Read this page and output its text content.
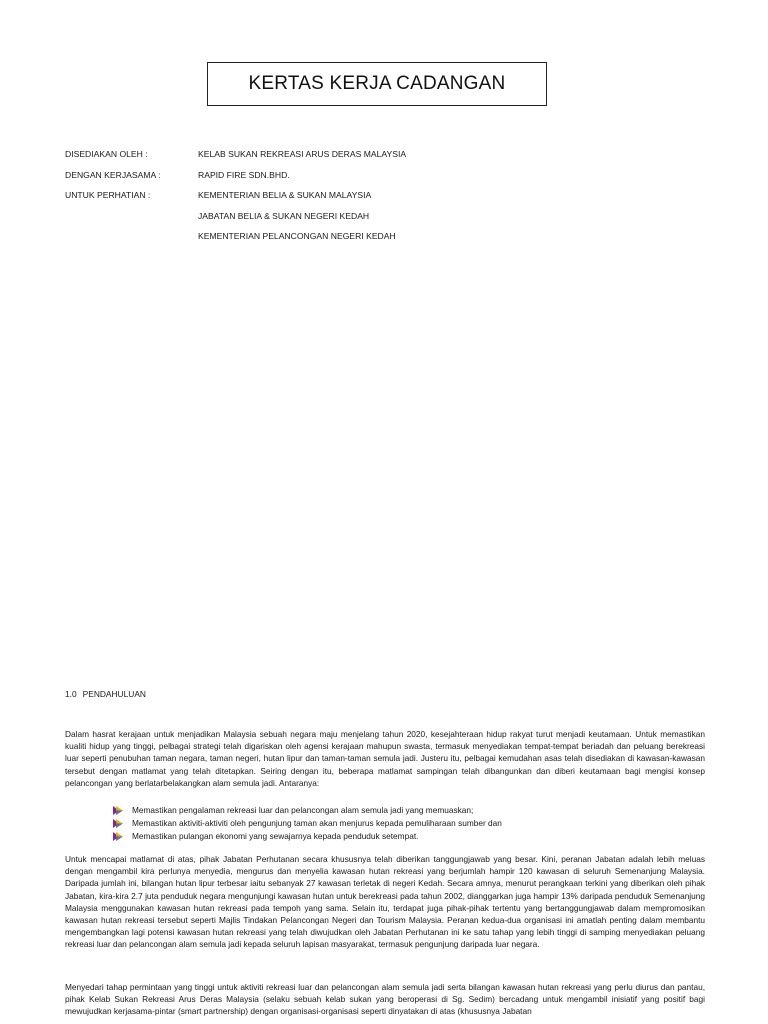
KERTAS KERJA CADANGAN
DISEDIAKAN OLEH :	KELAB SUKAN REKREASI ARUS DERAS MALAYSIA
DENGAN KERJASAMA :	RAPID FIRE SDN.BHD.
UNTUK PERHATIAN :	KEMENTERIAN BELIA & SUKAN MALAYSIA
JABATAN BELIA & SUKAN NEGERI KEDAH
KEMENTERIAN PELANCONGAN NEGERI KEDAH
1.0 PENDAHULUAN
Dalam hasrat kerajaan untuk menjadikan Malaysia sebuah negara maju menjelang tahun 2020, kesejahteraan hidup rakyat turut menjadi keutamaan. Untuk memastikan kualiti hidup yang tinggi, pelbagai strategi telah digariskan oleh agensi kerajaan mahupun swasta, termasuk menyediakan tempat-tempat beriadah dan peluang berekreasi luar seperti penubuhan taman negara, taman negeri, hutan lipur dan taman-taman semula jadi. Justeru itu, pelbagai kemudahan asas telah disediakan di kawasan-kawasan tersebut dengan matlamat yang telah ditetapkan. Seiring dengan itu, beberapa matlamat sampingan telah dibangunkan dan diberi keutamaan bagi mengisi konsep pelancongan yang berlatarbelakangkan alam semula jadi. Antaranya:
Memastikan pengalaman rekreasi luar dan pelancongan alam semula jadi yang memuaskan;
Memastikan aktiviti-aktiviti oleh pengunjung taman akan menjurus kepada pemuliharaan sumber dan
Memastikan pulangan ekonomi yang sewajarnya kepada penduduk setempat.
Untuk mencapai matlamat di atas, pihak Jabatan Perhutanan secara khususnya telah diberikan tanggungjawab yang besar. Kini, peranan Jabatan adalah lebih meluas dengan mengambil kira perlunya menyedia, mengurus dan menyelia kawasan hutan rekreasi yang berjumlah hampir 120 kawasan di seluruh Semenanjung Malaysia. Daripada jumlah ini, bilangan hutan lipur terbesar iaitu sebanyak 27 kawasan terletak di negeri Kedah. Secara amnya, menurut perangkaan terkini yang diberikan oleh pihak Jabatan, kira-kira 2.7 juta penduduk negara mengunjungi kawasan hutan untuk berekreasi pada tahun 2002, dianggarkan juga hampir 13% daripada penduduk Semenanjung Malaysia menggunakan kawasan hutan rekreasi pada tempoh yang sama. Selain itu, terdapat juga pihak-pihak tertentu yang bertanggungjawab dalam mempromosikan kawasan hutan rekreasi tersebut seperti Majlis Tindakan Pelancongan Negeri dan Tourism Malaysia. Peranan kedua-dua organisasi ini amatlah penting dalam membantu mengembangkan lagi potensi kawasan hutan rekreasi yang telah diwujudkan oleh Jabatan Perhutanan ini ke satu tahap yang lebih tinggi di samping menyediakan peluang rekreasi luar dan pelancongan alam semula jadi kepada seluruh lapisan masyarakat, termasuk pengunjung daripada luar negara.
Menyedari tahap permintaan yang tinggi untuk aktiviti rekreasi luar dan pelancongan alam semula jadi serta bilangan kawasan hutan rekreasi yang perlu diurus dan pantau, pihak Kelab Sukan Rekreasi Arus Deras Malaysia (selaku sebuah kelab sukan yang beroperasi di Sg. Sedim) bercadang untuk mengambil inisiatif yang positif bagi mewujudkan kerjasama-pintar (smart partnership) dengan organisasi-organisasi seperti dinyatakan di atas (khususnya Jabatan
